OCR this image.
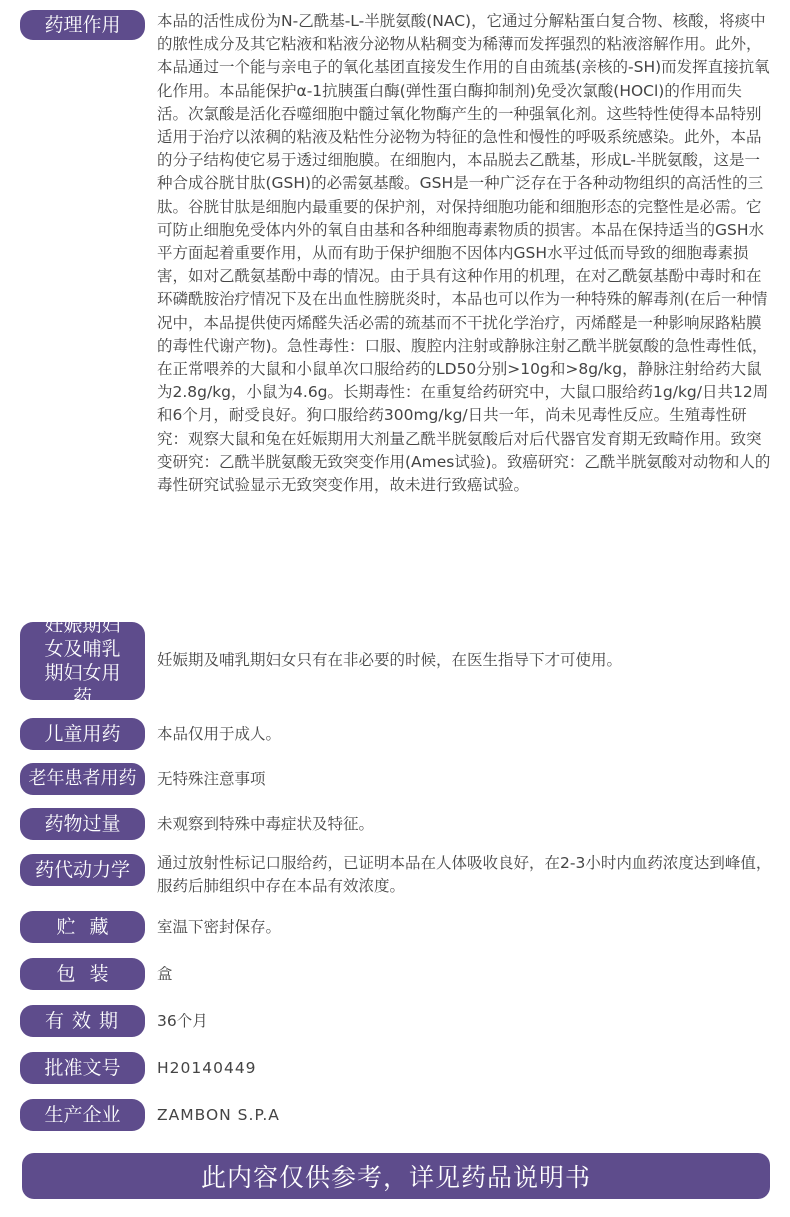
药理作用 本品的活性成份为N-乙酰基-L-半胱氨酸(NAC)，它通过分解粘蛋白复合物、核酸，将痰中的脓性成分及其它粘液和粘液分泌物从粘稠变为稀薄而发挥强烈的粘液溶解作用。此外，本品通过一个能与亲电子的氧化基团直接发生作用的自由巯基(亲核的-SH)而发挥直接抗氧化作用。本品能保护α-1抗胰蛋白酶(弹性蛋白酶抑制剂)免受次氯酸(HOCl)的作用而失活。次氯酸是活化吞噬细胞中髓过氧化物酶产生的一种强氧化剂。这些特性使得本品特别适用于治疗以浓稠的粘液及粘性分泌物为特征的急性和慢性的呼吸系统感染。此外，本品的分子结构使它易于透过细胞膜。在细胞内，本品脱去乙酰基，形成L-半胱氨酸，这是一种合成谷胱甘肽(GSH)的必需氨基酸。GSH是一种广泛存在于各种动物组织的高活性的三肽。谷胱甘肽是细胞内最重要的保护剂，对保持细胞功能和细胞形态的完整性是必需。它可防止细胞免受体内外的氧自由基和各种细胞毒素物质的损害。本品在保持适当的GSH水平方面起着重要作用，从而有助于保护细胞不因体内GSH水平过低而导致的细胞毒素损害，如对乙酰氨基酚中毒的情况。由于具有这种作用的机理，在对乙酰氨基酚中毒时和在环磷酰胺治疗情况下及在出血性膀胱炎时，本品也可以作为一种特殊的解毒剂(在后一种情况中，本品提供使丙烯醛失活必需的巯基而不干扰化学治疗，丙烯醛是一种影响尿路粘膜的毒性代谢产物)。急性毒性：口服、腹腔内注射或静脉注射乙酰半胱氨酸的急性毒性低，在正常喂养的大鼠和小鼠单次口服给药的LD50分别>10g和>8g/kg，静脉注射给药大鼠为2.8g/kg，小鼠为4.6g。长期毒性：在重复给药研究中，大鼠口服给药1g/kg/日共12周和6个月，耐受良好。狗口服给药300mg/kg/日共一年，尚未见毒性反应。生殖毒性研究：观察大鼠和兔在妊娠期用大剂量乙酰半胱氨酸后对后代器官发育期无致畸作用。致突变研究：乙酰半胱氨酸无致突变作用(Ames试验)。致癌研究：乙酰半胱氨酸对动物和人的毒性研究试验显示无致突变作用，故未进行致癌试验。
妊娠期妇女及哺乳期妇女用药
妊娠期及哺乳期妇女只有在非必要的时候，在医生指导下才可使用。
儿童用药 本品仅用于成人。
老年患者用药 无特殊注意事项
药物过量 未观察到特殊中毒症状及特征。
药代动力学 通过放射性标记口服给药，已证明本品在人体吸收良好，在2-3小时内血药浓度达到峰值，服药后肺组织中存在本品有效浓度。
贮藏 室温下密封保存。
包装 盒
有效期 36个月
批准文号 H20140449
生产企业 ZAMBON S.P.A
此内容仅供参考，详见药品说明书
